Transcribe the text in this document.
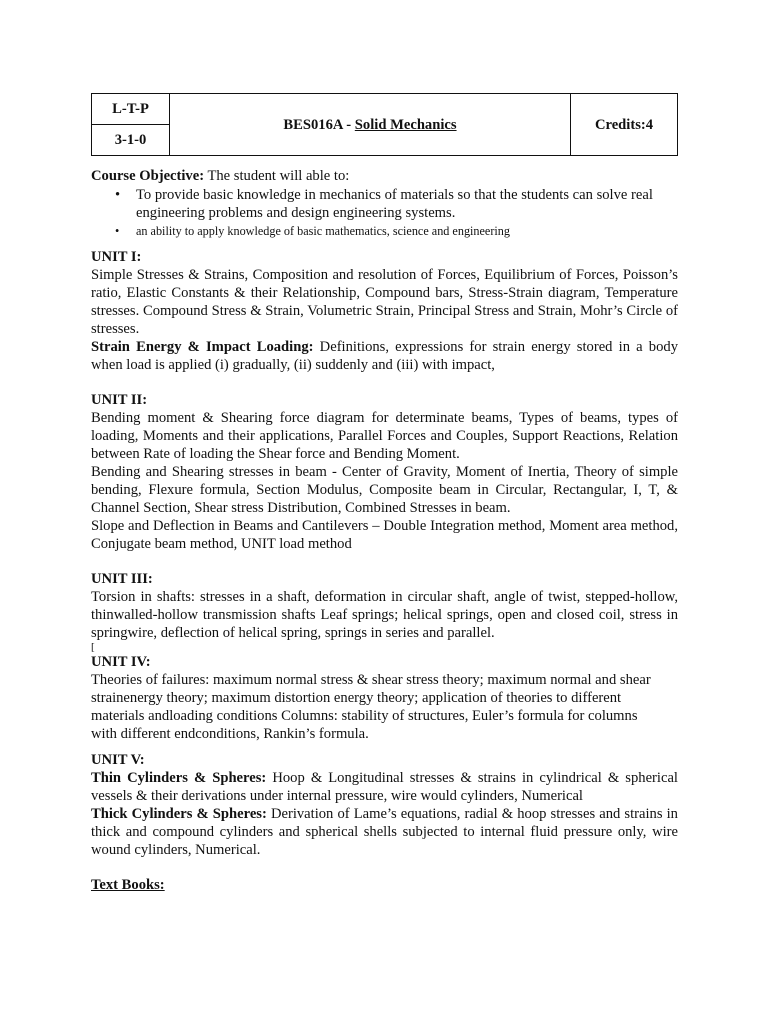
L-T-P	BES016A - Solid Mechanics	Credits:4
3-1-0

Course Objective: The student will able to:

• To provide basic knowledge in mechanics of materials so that the students can solve real engineering problems and design engineering systems.
• an ability to apply knowledge of basic mathematics, science and engineering

UNIT I:

Simple Stresses & Strains, Composition and resolution of Forces, Equilibrium of Forces, Poisson’s ratio, Elastic Constants & their Relationship, Compound bars, Stress-Strain diagram, Temperature stresses. Compound Stress & Strain, Volumetric Strain, Principal Stress and Strain, Mohr’s Circle of stresses.

Strain Energy & Impact Loading: Definitions, expressions for strain energy stored in a body when load is applied (i) gradually, (ii) suddenly and (iii) with impact,

UNIT II:

Bending moment & Shearing force diagram for determinate beams, Types of beams, types of loading, Moments and their applications, Parallel Forces and Couples, Support Reactions, Relation between Rate of loading the Shear force and Bending Moment.

Bending and Shearing stresses in beam - Center of Gravity, Moment of Inertia, Theory of simple bending, Flexure formula, Section Modulus, Composite beam in Circular, Rectangular, I, T, & Channel Section, Shear stress Distribution, Combined Stresses in beam.

Slope and Deflection in Beams and Cantilevers – Double Integration method, Moment area method, Conjugate beam method, UNIT load method

UNIT III:

Torsion in shafts: stresses in a shaft, deformation in circular shaft, angle of twist, stepped-hollow, thinwalled-hollow transmission shafts Leaf springs; helical springs, open and closed coil, stress in springwire, deflection of helical spring, springs in series and parallel.

[

UNIT IV:

Theories of failures: maximum normal stress & shear stress theory; maximum normal and shear

strainenergy theory; maximum distortion energy theory; application of theories to different

materials andloading conditions Columns: stability of structures, Euler’s formula for columns

with different endconditions, Rankin’s formula.

UNIT V:

Thin Cylinders & Spheres: Hoop & Longitudinal stresses & strains in cylindrical & spherical vessels & their derivations under internal pressure, wire would cylinders, Numerical

Thick Cylinders & Spheres: Derivation of Lame’s equations, radial & hoop stresses and strains in thick and compound cylinders and spherical shells subjected to internal fluid pressure only, wire wound cylinders, Numerical.

Text Books:
